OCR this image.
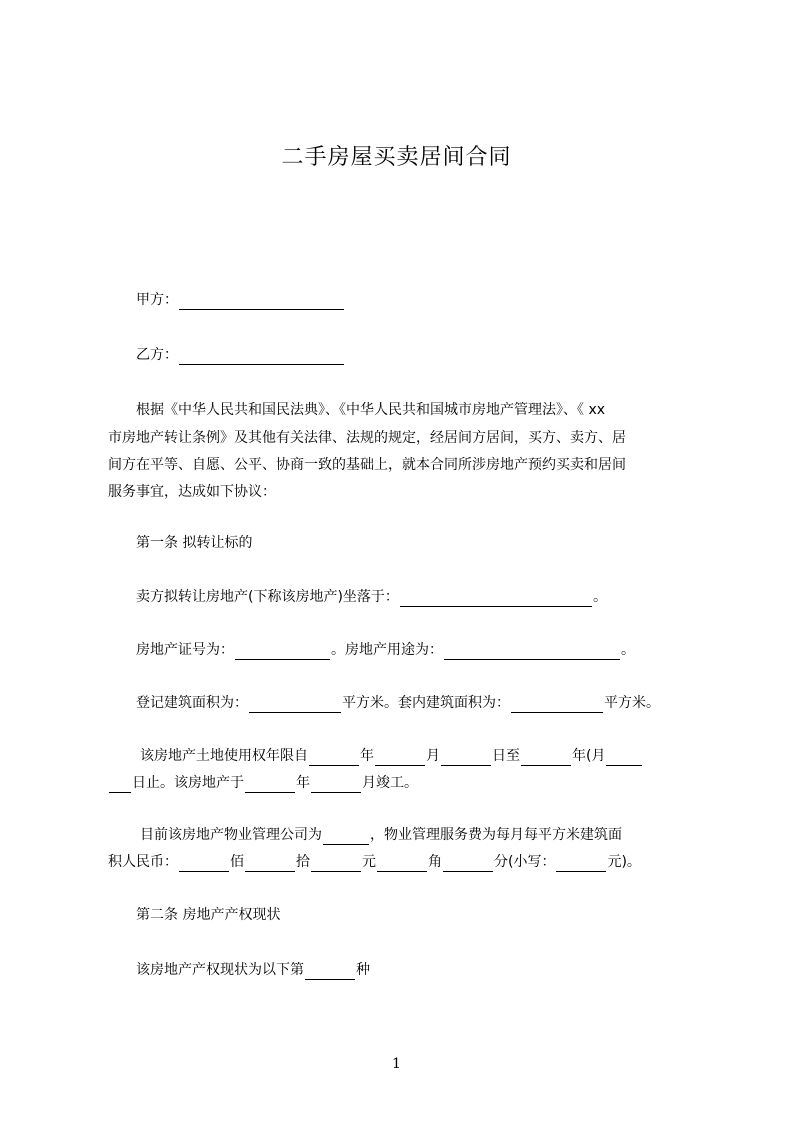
二手房屋买卖居间合同
甲方：
乙方：
根据《中华人民共和国民法典》、《中华人民共和国城市房地产管理法》、《 xx
市房地产转让条例》及其他有关法律、法规的规定，经居间方居间，买方、卖方、居
间方在平等、自愿、公平、协商一致的基础上，就本合同所涉房地产预约买卖和居间
服务事宜，达成如下协议：
第一条 拟转让标的
卖方拟转让房地产(下称该房地产)坐落于：	。
房地产证号为：	。房地产用途为：	。
登记建筑面积为：	平方米。套内建筑面积为：	平方米。
该房地产土地使用权年限自	年	月	日至	年(月
日止。该房地产于	年	月竣工。
目前该房地产物业管理公司为	，物业管理服务费为每月每平方米建筑面
积人民币：	佰	拾	元	角	分(小写：	元)。
第二条 房地产产权现状
该房地产产权现状为以下第	种
1
